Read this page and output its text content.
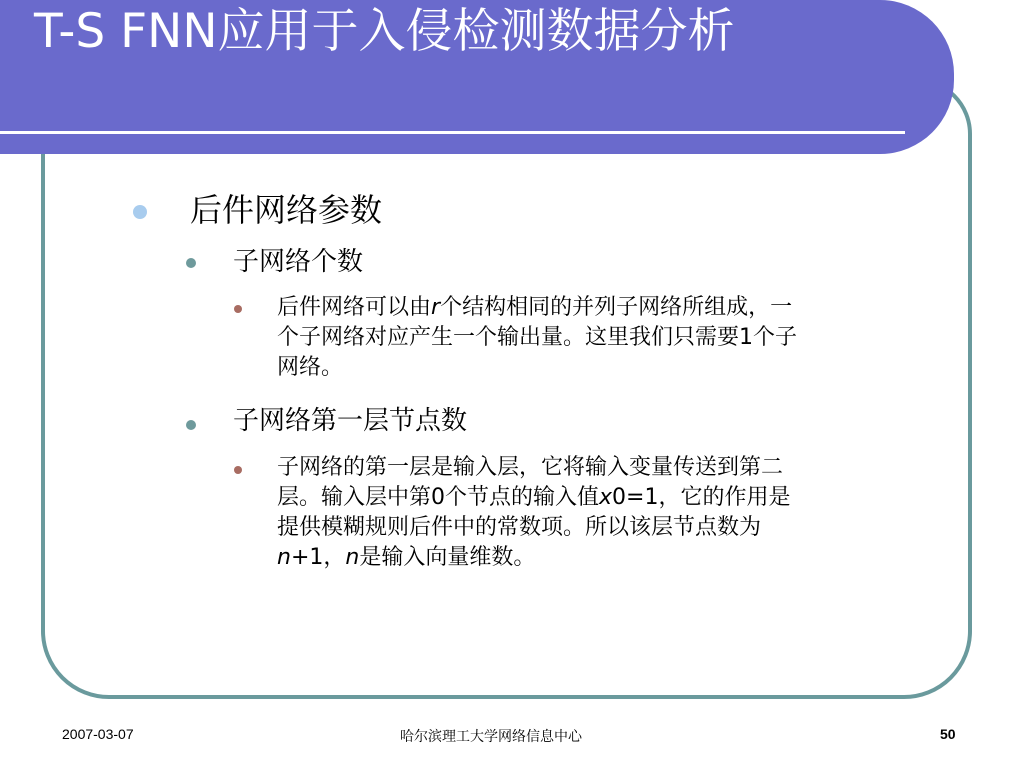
T-S FNN应用于入侵检测数据分析
后件网络参数
子网络个数
后件网络可以由r个结构相同的并列子网络所组成，一
个子网络对应产生一个输出量。这里我们只需要1个子
网络。
子网络第一层节点数
子网络的第一层是输入层，它将输入变量传送到第二
层。输入层中第0个节点的输入值x0=1，它的作用是
提供模糊规则后件中的常数项。所以该层节点数为
n+1，n是输入向量维数。
2007-03-07	哈尔滨理工大学网络信息中心	50
